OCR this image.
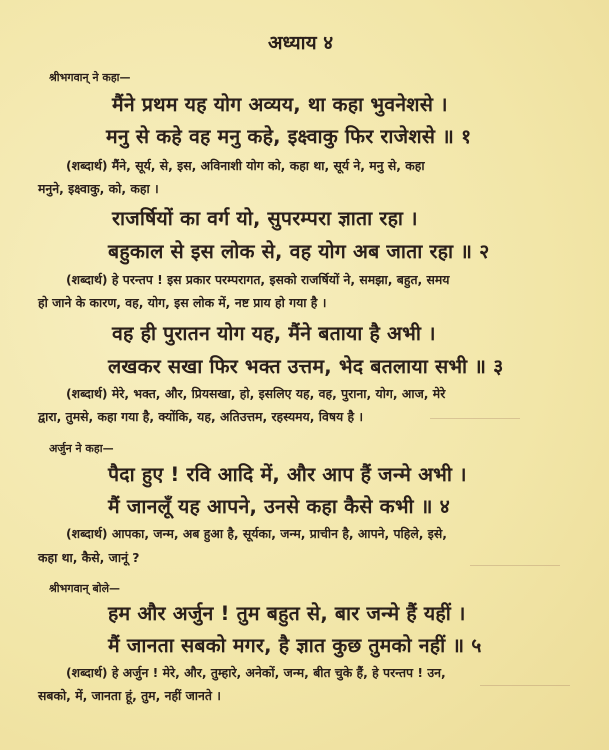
अध्याय ४
श्रीभगवान् ने कहा—
मैंने प्रथम यह योग अव्यय, था कहा भुवनेशसे ।
मनु से कहे वह मनु कहे, इक्ष्वाकु फिर राजेशसे ॥ १
(शब्दार्थ) मैंने, सूर्य, से, इस, अविनाशी योग को, कहा था, सूर्य ने, मनु से, कहा
मनुने, इक्ष्वाकु, को, कहा ।
राजर्षियों का वर्ग यो, सुपरम्परा ज्ञाता रहा ।
बहुकाल से इस लोक से, वह योग अब जाता रहा ॥ २
(शब्दार्थ) हे परन्तप ! इस प्रकार परम्परागत, इसको राजर्षियों ने, समझा, बहुत, समय
हो जाने के कारण, वह, योग, इस लोक में, नष्ट प्राय हो गया है ।
वह ही पुरातन योग यह, मैंने बताया है अभी ।
लखकर सखा फिर भक्त उत्तम, भेद बतलाया सभी ॥ ३
(शब्दार्थ) मेरे, भक्त, और, प्रियसखा, हो, इसलिए यह, वह, पुराना, योग, आज, मेरे
द्वारा, तुमसे, कहा गया है, क्योंकि, यह, अतिउत्तम, रहस्यमय, विषय है ।
अर्जुन ने कहा—
पैदा हुए ! रवि आदि में, और आप हैं जन्मे अभी ।
मैं जानलूँ यह आपने, उनसे कहा कैसे कभी ॥ ४
(शब्दार्थ) आपका, जन्म, अब हुआ है, सूर्यका, जन्म, प्राचीन है, आपने, पहिले, इसे,
कहा था, कैसे, जानूं ?
श्रीभगवान् बोले—
हम और अर्जुन ! तुम बहुत से, बार जन्मे हैं यहीं ।
मैं जानता सबको मगर, है ज्ञात कुछ तुमको नहीं ॥ ५
(शब्दार्थ) हे अर्जुन ! मेरे, और, तुम्हारे, अनेकों, जन्म, बीत चुके हैं, हे परन्तप ! उन,
सबको, में, जानता हूं, तुम, नहीं जानते ।
